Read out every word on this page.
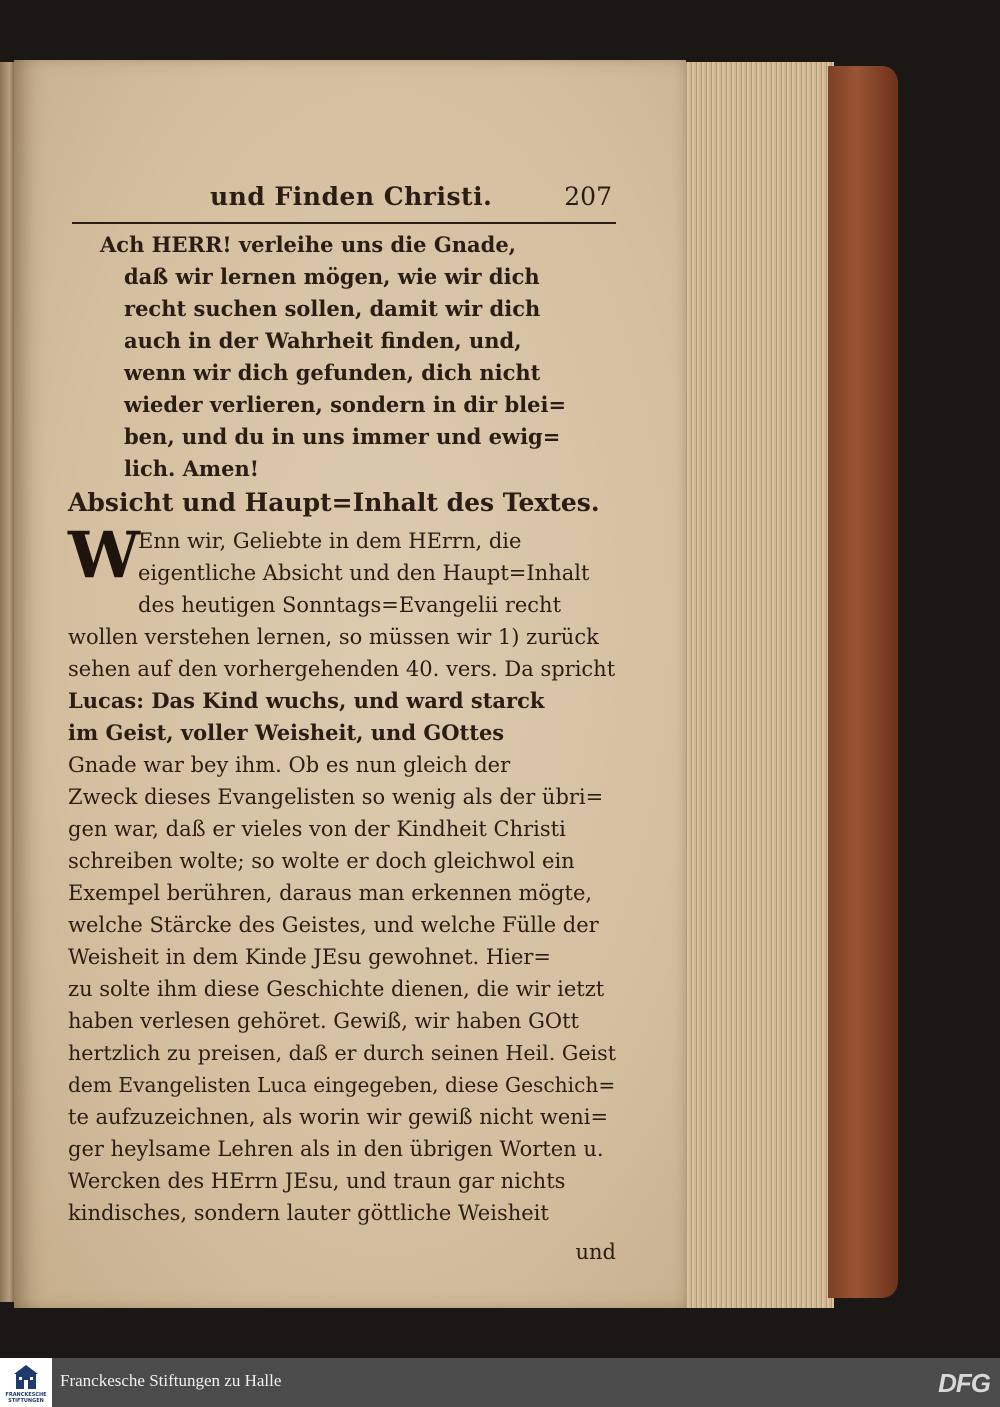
und Finden Christi.	207
Ach HERR! verleihe uns die Gnade,
daß wir lernen mögen, wie wir dich
recht suchen sollen, damit wir dich
auch in der Wahrheit finden, und,
wenn wir dich gefunden, dich nicht
wieder verlieren, sondern in dir blei=
ben, und du in uns immer und ewig=
lich. Amen!
Absicht und Haupt=Inhalt des Textes.
W
Enn wir, Geliebte in dem HErrn, die
eigentliche Absicht und den Haupt=Inhalt
des heutigen Sonntags=Evangelii recht
wollen verstehen lernen, so müssen wir 1) zurück
sehen auf den vorhergehenden 40. vers. Da spricht
Lucas: Das Kind wuchs, und ward starck
im Geist, voller Weisheit, und GOttes
Gnade war bey ihm. Ob es nun gleich der
Zweck dieses Evangelisten so wenig als der übri=
gen war, daß er vieles von der Kindheit Christi
schreiben wolte; so wolte er doch gleichwol ein
Exempel berühren, daraus man erkennen mögte,
welche Stärcke des Geistes, und welche Fülle der
Weisheit in dem Kinde JEsu gewohnet. Hier=
zu solte ihm diese Geschichte dienen, die wir ietzt
haben verlesen gehöret. Gewiß, wir haben GOtt
hertzlich zu preisen, daß er durch seinen Heil. Geist
dem Evangelisten Luca eingegeben, diese Geschich=
te aufzuzeichnen, als worin wir gewiß nicht weni=
ger heylsame Lehren als in den übrigen Worten u.
Wercken des HErrn JEsu, und traun gar nichts
kindisches, sondern lauter göttliche Weisheit
und
FRANCKESCHE STIFTUNGEN
Franckesche Stiftungen zu Halle	DFG
